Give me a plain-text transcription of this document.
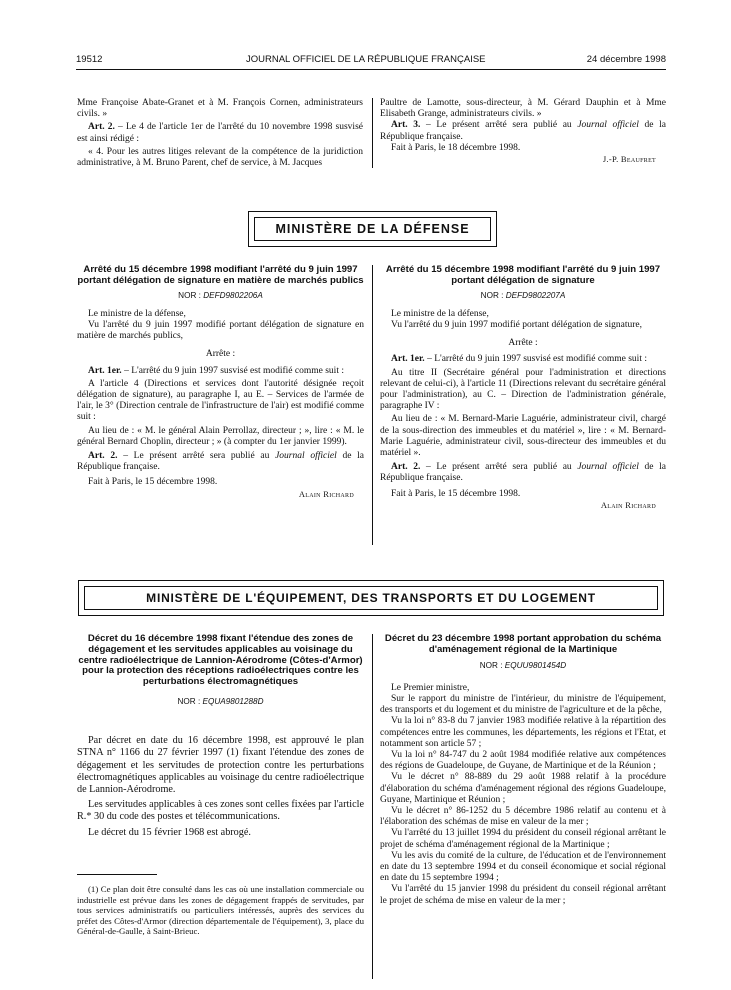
19512	JOURNAL OFFICIEL DE LA RÉPUBLIQUE FRANÇAISE	24 décembre 1998

Mme Françoise Abate-Granet et à M. François Cornen, administrateurs civils. »

Art. 2. – Le 4 de l'article 1er de l'arrêté du 10 novembre 1998 susvisé est ainsi rédigé :

« 4. Pour les autres litiges relevant de la compétence de la juridiction administrative, à M. Bruno Parent, chef de service, à M. Jacques

Paultre de Lamotte, sous-directeur, à M. Gérard Dauphin et à Mme Elisabeth Grange, administrateurs civils. »

Art. 3. – Le présent arrêté sera publié au Journal officiel de la République française.

Fait à Paris, le 18 décembre 1998.

J.-P. Beaufret

MINISTÈRE DE LA DÉFENSE
Arrêté du 15 décembre 1998 modifiant l'arrêté du 9 juin 1997 portant délégation de signature en matière de marchés publics
NOR : DEFD9802206A

Le ministre de la défense,

Vu l'arrêté du 9 juin 1997 modifié portant délégation de signature en matière de marchés publics,

Arrête :

Art. 1er. – L'arrêté du 9 juin 1997 susvisé est modifié comme suit :

A l'article 4 (Directions et services dont l'autorité désignée reçoit délégation de signature), au paragraphe I, au E. – Services de l'armée de l'air, le 3° (Direction centrale de l'infrastructure de l'air) est modifié comme suit :

Au lieu de : « M. le général Alain Perrollaz, directeur ; », lire : « M. le général Bernard Choplin, directeur ; » (à compter du 1er janvier 1999).

Art. 2. – Le présent arrêté sera publié au Journal officiel de la République française.

Fait à Paris, le 15 décembre 1998.

Alain Richard

Arrêté du 15 décembre 1998 modifiant l'arrêté du 9 juin 1997 portant délégation de signature
NOR : DEFD9802207A

Le ministre de la défense,

Vu l'arrêté du 9 juin 1997 modifié portant délégation de signature,

Arrête :

Art. 1er. – L'arrêté du 9 juin 1997 susvisé est modifié comme suit :

Au titre II (Secrétaire général pour l'administration et directions relevant de celui-ci), à l'article 11 (Directions relevant du secrétaire général pour l'administration), au C. – Direction de l'administration générale, paragraphe IV :

Au lieu de : « M. Bernard-Marie Laguérie, administrateur civil, chargé de la sous-direction des immeubles et du matériel », lire : « M. Bernard-Marie Laguérie, administrateur civil, sous-directeur des immeubles et du matériel ».

Art. 2. – Le présent arrêté sera publié au Journal officiel de la République française.

Fait à Paris, le 15 décembre 1998.

Alain Richard

MINISTÈRE DE L'ÉQUIPEMENT, DES TRANSPORTS ET DU LOGEMENT
Décret du 16 décembre 1998 fixant l'étendue des zones de dégagement et les servitudes applicables au voisinage du centre radioélectrique de Lannion-Aérodrome (Côtes-d'Armor) pour la protection des réceptions radioélectriques contre les perturbations électromagnétiques
NOR : EQUA9801288D

Par décret en date du 16 décembre 1998, est approuvé le plan STNA n° 1166 du 27 février 1997 (1) fixant l'étendue des zones de dégagement et les servitudes de protection contre les perturbations électromagnétiques applicables au voisinage du centre radioélectrique de Lannion-Aérodrome.

Les servitudes applicables à ces zones sont celles fixées par l'article R.* 30 du code des postes et télécommunications.

Le décret du 15 février 1968 est abrogé.

(1) Ce plan doit être consulté dans les cas où une installation commerciale ou industrielle est prévue dans les zones de dégagement frappés de servitudes, par tous services administratifs ou particuliers intéressés, auprès des services du préfet des Côtes-d'Armor (direction départementale de l'équipement), 3, place du Général-de-Gaulle, à Saint-Brieuc.

Décret du 23 décembre 1998 portant approbation du schéma d'aménagement régional de la Martinique
NOR : EQUU9801454D

Le Premier ministre,

Sur le rapport du ministre de l'intérieur, du ministre de l'équipement, des transports et du logement et du ministre de l'agriculture et de la pêche,

Vu la loi n° 83-8 du 7 janvier 1983 modifiée relative à la répartition des compétences entre les communes, les départements, les régions et l'Etat, et notamment son article 57 ;

Vu la loi n° 84-747 du 2 août 1984 modifiée relative aux compétences des régions de Guadeloupe, de Guyane, de Martinique et de la Réunion ;

Vu le décret n° 88-889 du 29 août 1988 relatif à la procédure d'élaboration du schéma d'aménagement régional des régions Guadeloupe, Guyane, Martinique et Réunion ;

Vu le décret n° 86-1252 du 5 décembre 1986 relatif au contenu et à l'élaboration des schémas de mise en valeur de la mer ;

Vu l'arrêté du 13 juillet 1994 du président du conseil régional arrêtant le projet de schéma d'aménagement régional de la Martinique ;

Vu les avis du comité de la culture, de l'éducation et de l'environnement en date du 13 septembre 1994 et du conseil économique et social régional en date du 15 septembre 1994 ;

Vu l'arrêté du 15 janvier 1998 du président du conseil régional arrêtant le projet de schéma de mise en valeur de la mer ;
